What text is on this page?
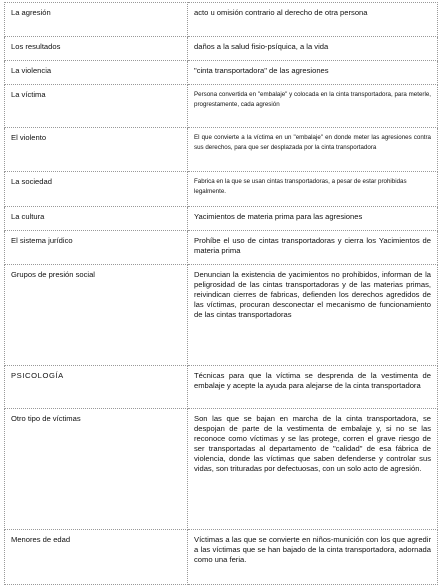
La agresión	acto u omisión contrario al derecho de otra persona
Los resultados	daños a la salud fisio-psíquica, a la vida
La violencia	"cinta transportadora" de las agresiones
La víctima	Persona convertida en "embalaje" y colocada en la cinta transportadora, para meterle, progrestamente, cada agresión
El violento	El que convierte a la víctima en un "embalaje" en donde meter las agresiones contra sus derechos, para que ser desplazada por la cinta transportadora
La sociedad	Fabrica en la que se usan cintas transportadoras, a pesar de estar prohibidas legalmente.
La cultura	Yacimientos de materia prima para las agresiones
El sistema jurídico	Prohíbe el uso de cintas transportadoras y cierra los Yacimientos de materia prima
Grupos de presión social	Denuncian la existencia de yacimientos no prohibidos, informan de la peligrosidad de las cintas transportadoras y de las materias primas, reivindican cierres de fabricas, defienden los derechos agredidos de las víctimas, procuran desconectar el mecanismo de funcionamiento de las cintas transportadoras
PSICOLOGÍA	Técnicas para que la víctima se desprenda de la vestimenta de embalaje y acepte la ayuda para alejarse de la cinta transportadora
Otro tipo de víctimas	Son las que se bajan en marcha de la cinta transportadora, se despojan de parte de la vestimenta de embalaje y, si no se las reconoce como víctimas y se las protege, corren el grave riesgo de ser transportadas al departamento de "calidad" de esa fábrica de violencia, donde las víctimas que saben defenderse y controlar sus vidas, son trituradas por defectuosas, con un solo acto de agresión.
Menores de edad	Víctimas a las que se convierte en niños-munición con los que agredir a las víctimas que se han bajado de la cinta transportadora, adornada como una feria.
